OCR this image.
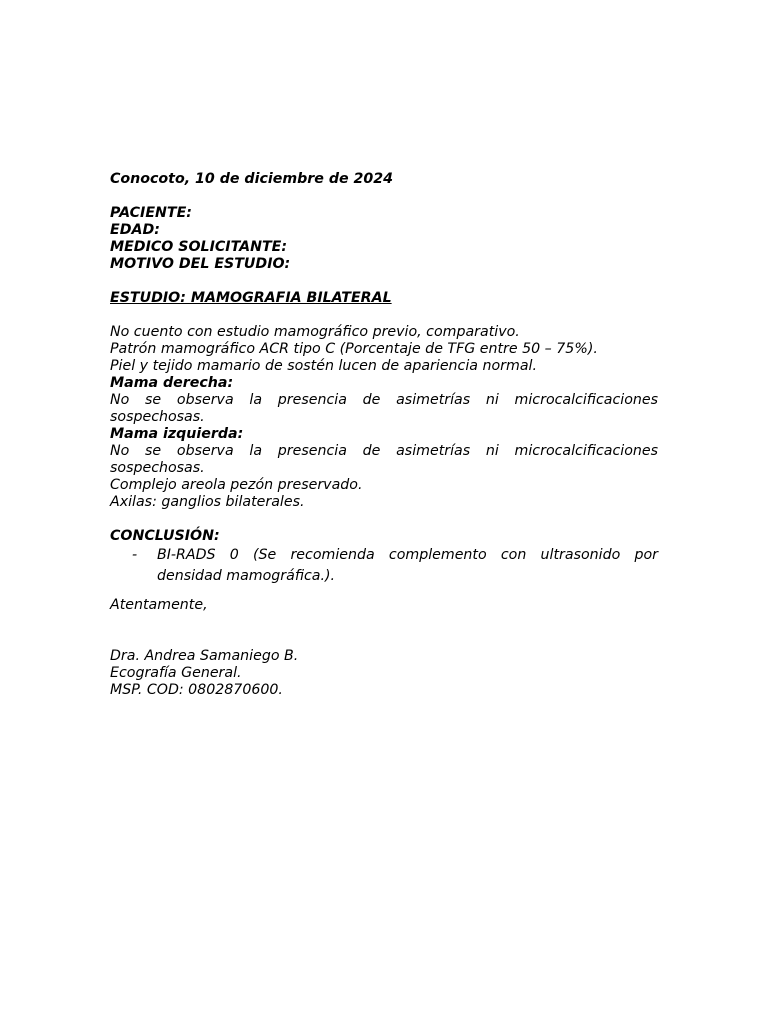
Conocoto, 10 de diciembre de 2024
PACIENTE:
EDAD:
MEDICO SOLICITANTE:
MOTIVO DEL ESTUDIO:
ESTUDIO: MAMOGRAFIA BILATERAL
No cuento con estudio mamográfico previo, comparativo.
Patrón mamográfico ACR tipo C (Porcentaje de TFG entre 50 – 75%).
Piel y tejido mamario de sostén lucen de apariencia normal.
Mama derecha:
No se observa la presencia de asimetrías ni microcalcificaciones sospechosas.
Mama izquierda:
No se observa la presencia de asimetrías ni microcalcificaciones sospechosas.
Complejo areola pezón preservado.
Axilas: ganglios bilaterales.
CONCLUSIÓN:
- BI-RADS 0 (Se recomienda complemento con ultrasonido por densidad mamográfica.).
Atentamente,
Dra. Andrea Samaniego B.
Ecografía General.
MSP. COD: 0802870600.
